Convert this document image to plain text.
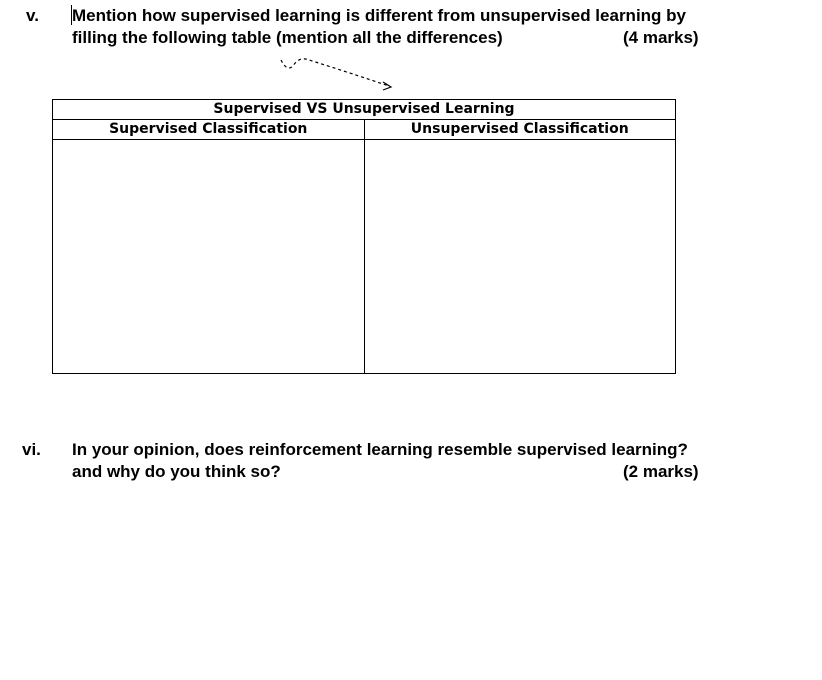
v. Mention how supervised learning is different from unsupervised learning by
filling the following table (mention all the differences)	(4 marks)
Supervised VS Unsupervised Learning	
Supervised Classification	Unsupervised Classification

vi. In your opinion, does reinforcement learning resemble supervised learning?
and why do you think so?	(2 marks)
